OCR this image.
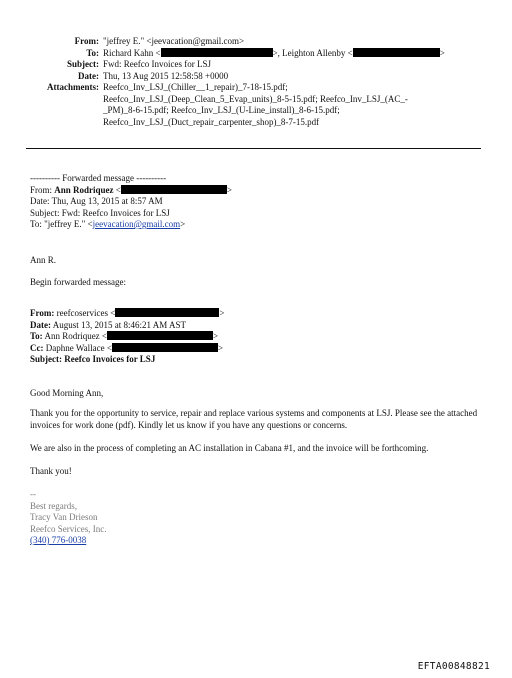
From: "jeffrey E." <jeevacation@gmail.com>
To: Richard Kahn <	>, Leighton Allenby <	>
Subject: Fwd: Reefco Invoices for LSJ
Date: Thu, 13 Aug 2015 12:58:58 +0000
Attachments: Reefco_Inv_LSJ_(Chiller__1_repair)_7-18-15.pdf;
Reefco_Inv_LSJ_(Deep_Clean_5_Evap_units)_8-5-15.pdf; Reefco_Inv_LSJ_(AC_-
_PM)_8-6-15.pdf; Reefco_Inv_LSJ_(U-Line_install)_8-6-15.pdf;
Reefco_Inv_LSJ_(Duct_repair_carpenter_shop)_8-7-15.pdf
---------- Forwarded message ----------
From: Ann Rodriquez <	>
Date: Thu, Aug 13, 2015 at 8:57 AM
Subject: Fwd: Reefco Invoices for LSJ
To: "jeffrey E." <jeevacation@gmail.com>
Ann R.
Begin forwarded message:
From: reefcoservices <	>
Date: August 13, 2015 at 8:46:21 AM AST
To: Ann Rodriquez <	>
Cc: Daphne Wallace <	>
Subject: Reefco Invoices for LSJ
Good Morning Ann,
Thank you for the opportunity to service, repair and replace various systems and components at LSJ. Please see the attached invoices for work done (pdf). Kindly let us know if you have any questions or concerns.
We are also in the process of completing an AC installation in Cabana #1, and the invoice will be forthcoming.
Thank you!
--
Best regards,
Tracy Van Drieson
Reefco Services, Inc.
(340) 776-0038
EFTA00848821
